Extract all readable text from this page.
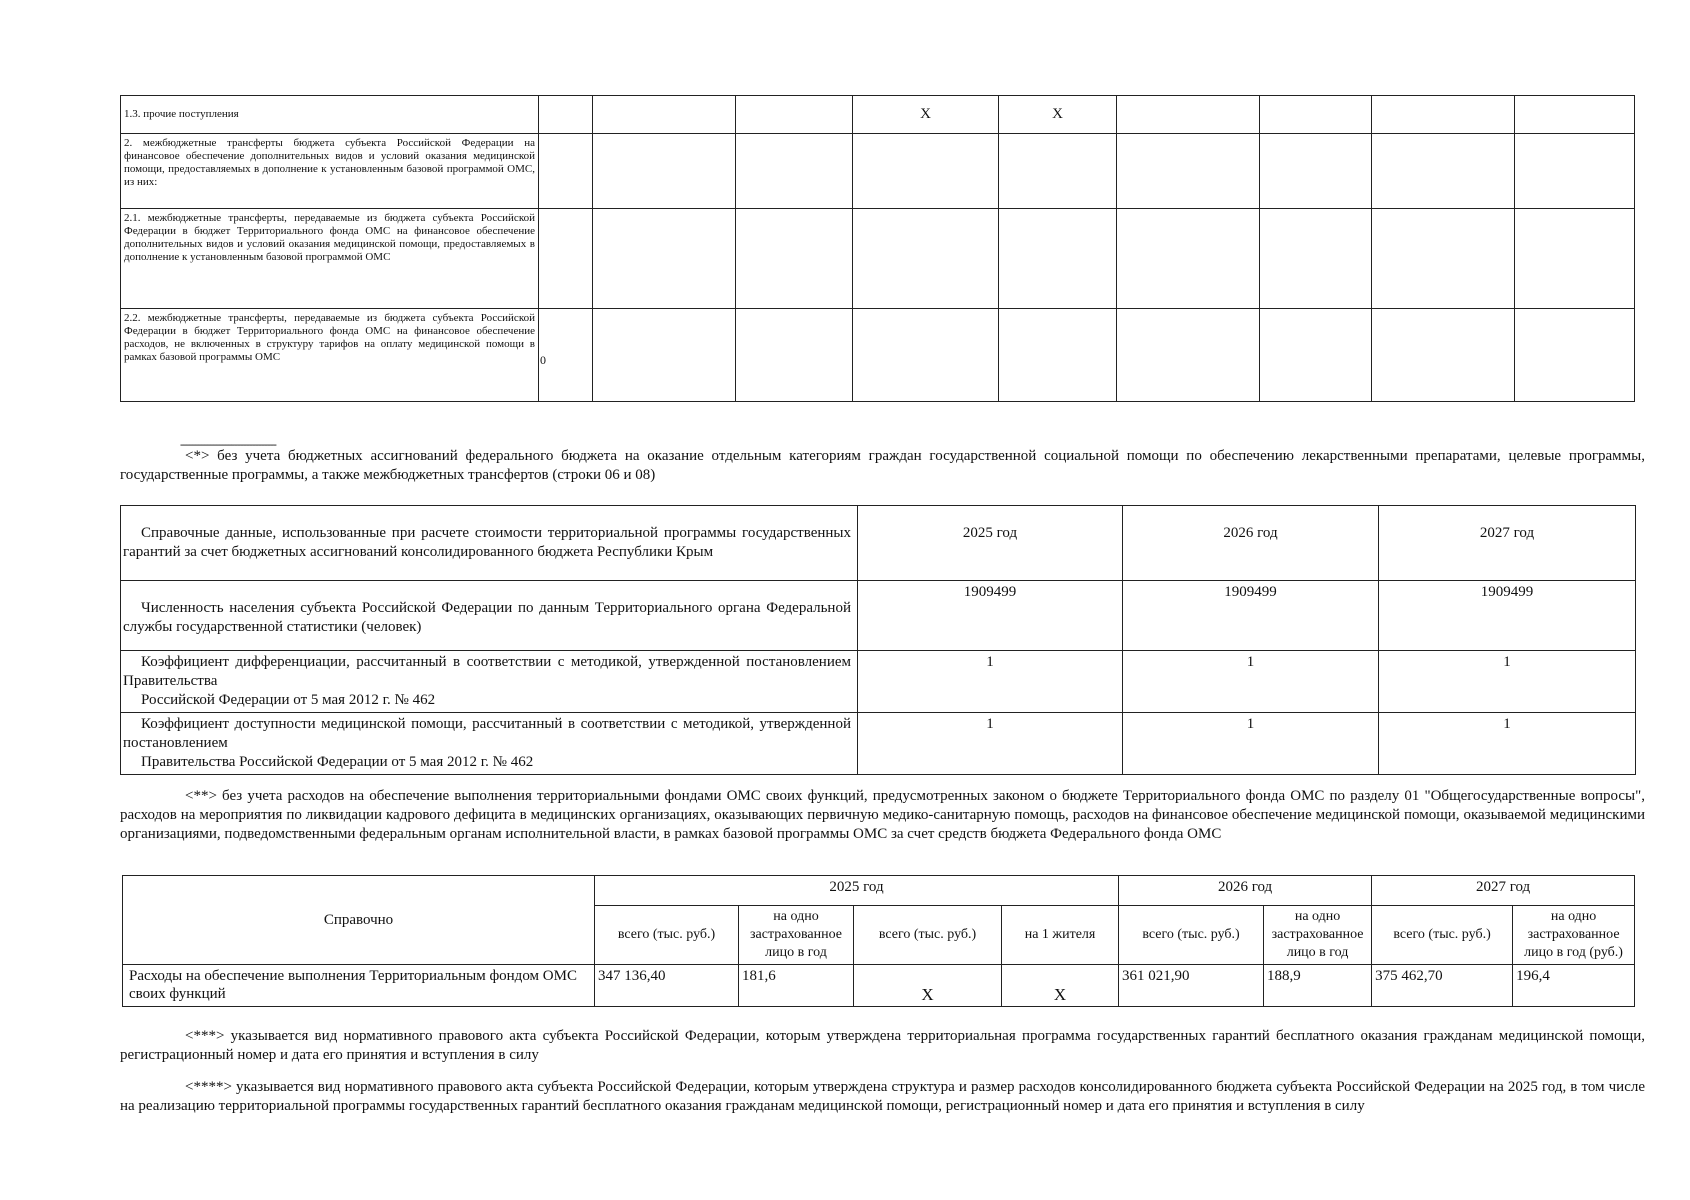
1.3. прочие поступления				X	X				
2. межбюджетные трансферты бюджета субъекта Российской Федерации на финансовое обеспечение дополнительных видов и условий оказания медицинской помощи, предоставляемых в дополнение к установленным базовой программой ОМС, из них:									
2.1. межбюджетные трансферты, передаваемые из бюджета субъекта Российской Федерации в бюджет Территориального фонда ОМС на финансовое обеспечение дополнительных видов и условий оказания медицинской помощи, предоставляемых в дополнение к установленным базовой программой ОМС									
2.2. межбюджетные трансферты, передаваемые из бюджета субъекта Российской Федерации в бюджет Территориального фонда ОМС на финансовое обеспечение расходов, не включенных в структуру тарифов на оплату медицинской помощи в рамках базовой программы ОМС	0								
--------------------------------
<*> без учета бюджетных ассигнований федерального бюджета на оказание отдельным категориям граждан государственной социальной помощи по обеспечению лекарственными препаратами, целевые программы, государственные программы, а также межбюджетных трансфертов (строки 06 и 08)

Справочные данные, использованные при расчете стоимости территориальной программы государственных гарантий за счет бюджетных ассигнований консолидированного бюджета Республики Крым	2025 год	2026 год	2027 год

Численность населения субъекта Российской Федерации по данным Территориального органа Федеральной службы государственной статистики (человек)	1909499	1909499	1909499

Коэффициент дифференциации, рассчитанный в соответствии с методикой, утвержденной постановлением Правительства

Российской Федерации от 5 мая 2012 г. № 462	1	1	1

Коэффициент доступности медицинской помощи, рассчитанный в соответствии с методикой, утвержденной постановлением

Правительства Российской Федерации от 5 мая 2012 г. № 462	1	1	1
<**> без учета расходов на обеспечение выполнения территориальными фондами ОМС своих функций, предусмотренных законом о бюджете Территориального фонда ОМС по разделу 01 "Общегосударственные вопросы", расходов на мероприятия по ликвидации кадрового дефицита в медицинских организациях, оказывающих первичную медико-санитарную помощь, расходов на финансовое обеспечение медицинской помощи, оказываемой медицинскими организациями, подведомственными федеральным органам исполнительной власти, в рамках базовой программы ОМС за счет средств бюджета Федерального фонда ОМС
Справочно	2025 год				2026 год		2027 год	
	всего (тыс. руб.)	на одно застрахованное лицо в год	всего (тыс. руб.)	на 1 жителя	всего (тыс. руб.)	на одно застрахованное лицо в год	всего (тыс. руб.)	на одно застрахованное лицо в год (руб.)
Расходы на обеспечение выполнения Территориальным фондом ОМС своих функций	347 136,40	181,6	X	X	361 021,90	188,9	375 462,70	196,4
<***> указывается вид нормативного правового акта субъекта Российской Федерации, которым утверждена территориальная программа государственных гарантий бесплатного оказания гражданам медицинской помощи, регистрационный номер и дата его принятия и вступления в силу
<****> указывается вид нормативного правового акта субъекта Российской Федерации, которым утверждена структура и размер расходов консолидированного бюджета субъекта Российской Федерации на 2025 год, в том числе на реализацию территориальной программы государственных гарантий бесплатного оказания гражданам медицинской помощи, регистрационный номер и дата его принятия и вступления в силу
